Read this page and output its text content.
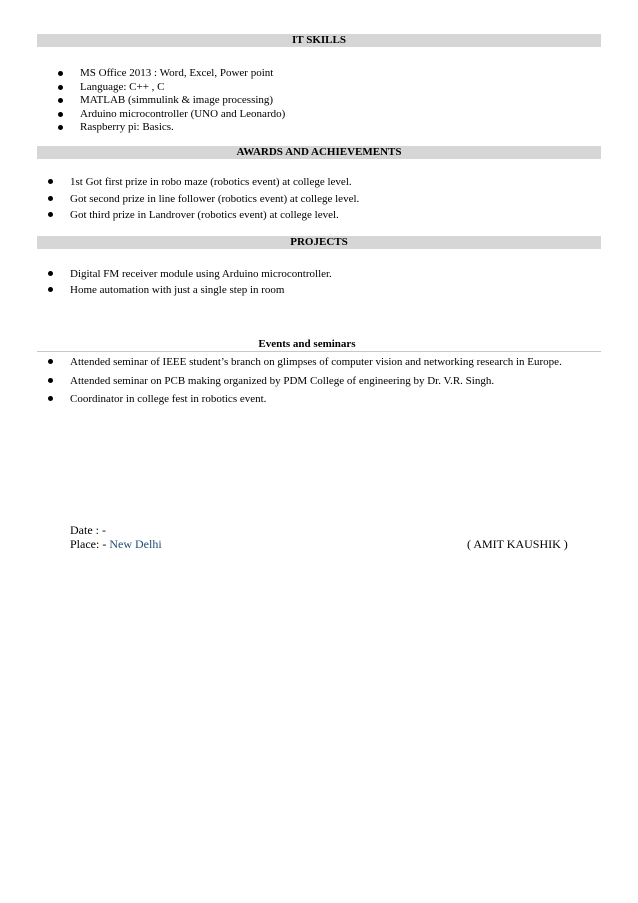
IT SKILLS
MS Office 2013 : Word, Excel, Power point
Language: C++ , C
MATLAB (simmulink & image processing)
Arduino microcontroller (UNO and Leonardo)
Raspberry pi: Basics.
AWARDS AND ACHIEVEMENTS
1st Got first prize in robo maze (robotics event) at college level.
Got second prize in line follower (robotics event) at college level.
Got third prize in Landrover (robotics event) at college level.
PROJECTS
Digital FM receiver module using Arduino microcontroller.
Home automation with just a single step in room
Events and seminars
Attended seminar of IEEE student’s branch on glimpses of computer vision and networking research in Europe.
Attended seminar on PCB making organized by PDM College of engineering by Dr. V.R. Singh.
Coordinator in college fest in robotics event.
Date : -
Place: - New Delhi	( AMIT KAUSHIK )
